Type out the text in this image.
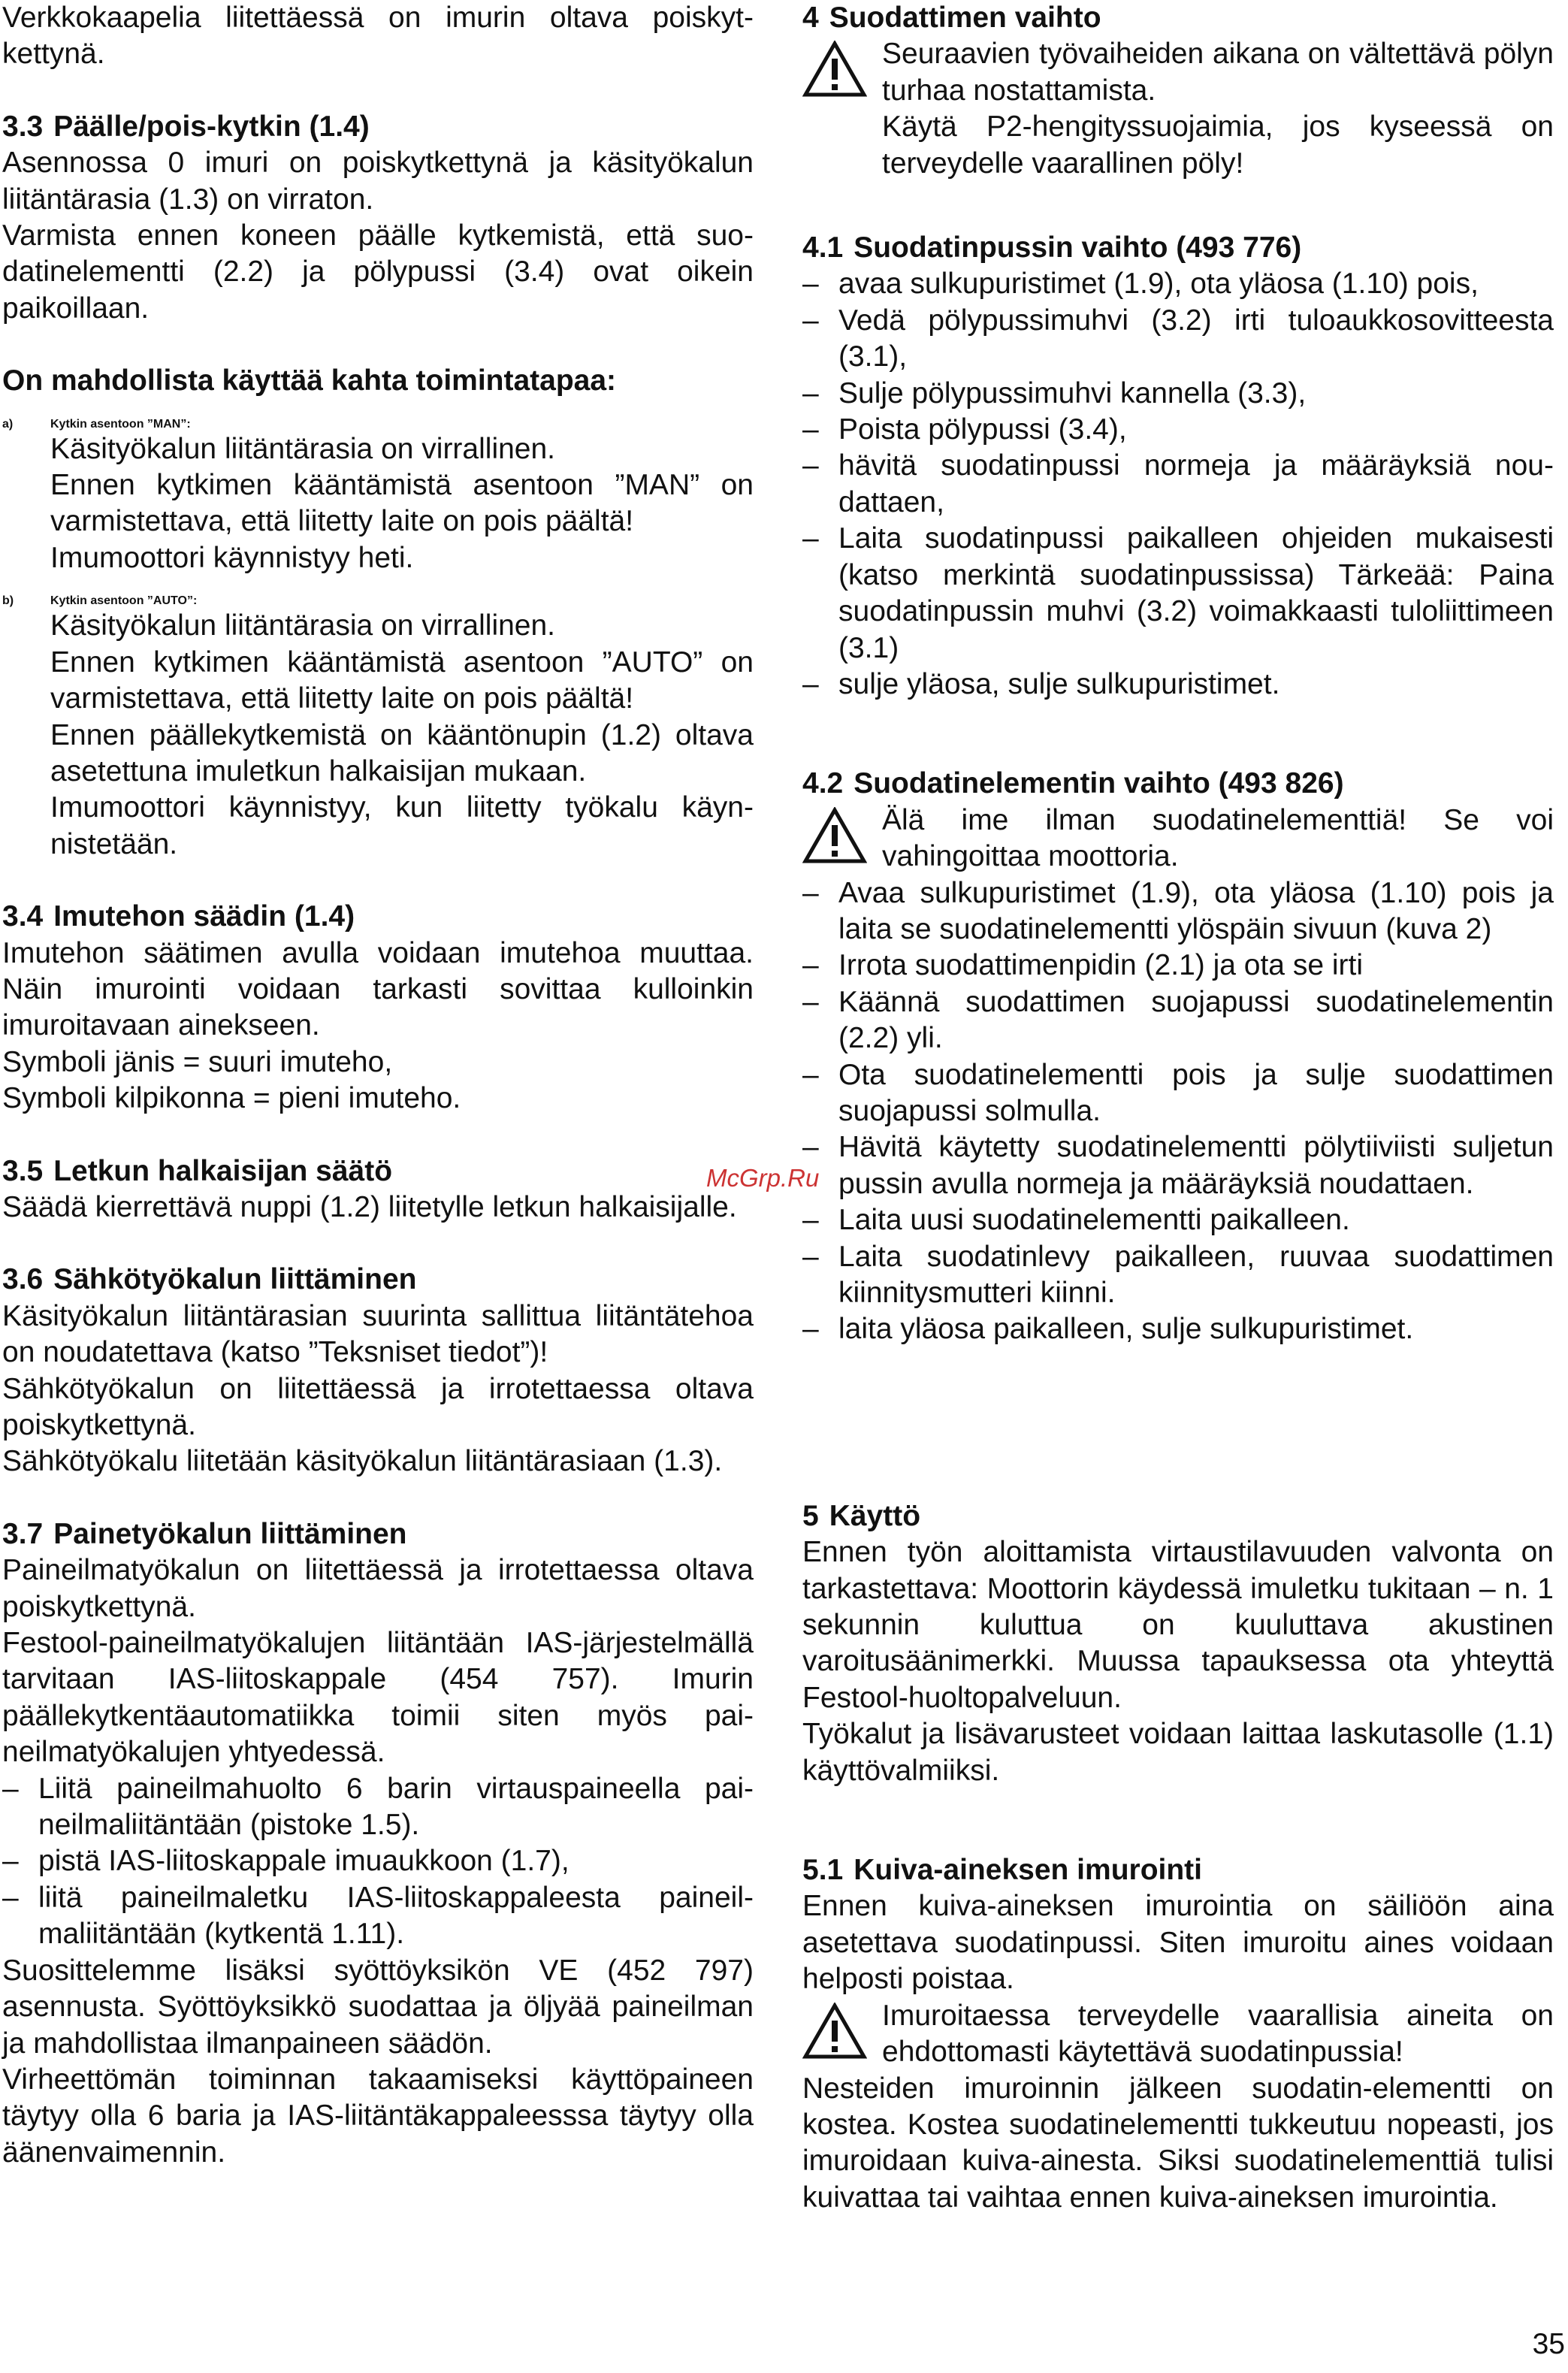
Verkkokaapelia liitettäessä on imurin oltava poiskytkettynä.

3.3 Päälle/pois-kytkin (1.4)

Asennossa 0 imuri on poiskytkettynä ja käsityökalun liitäntärasia (1.3) on virraton.

Varmista ennen koneen päälle kytkemistä, että suodatinelementti (2.2) ja pölypussi (3.4) ovat oikein paikoillaan.

On mahdollista käyttää kahta toimintatapaa:
a)	Kytkin asentoon ”MAN”:

Käsityökalun liitäntärasia on virrallinen.

Ennen kytkimen kääntämistä asentoon ”MAN” on varmistettava, että liitetty laite on pois päältä!

Imumoottori käynnistyy heti.

b)	Kytkin asentoon ”AUTO”:

Käsityökalun liitäntärasia on virrallinen.

Ennen kytkimen kääntämistä asentoon ”AUTO” on varmistettava, että liitetty laite on pois päältä!

Ennen päällekytkemistä on kääntönupin (1.2) oltava asetettuna imuletkun halkaisijan mukaan.

Imumoottori käynnistyy, kun liitetty työkalu käynnistetään.

3.4 Imutehon säädin (1.4)

Imutehon säätimen avulla voidaan imutehoa muuttaa. Näin imurointi voidaan tarkasti sovittaa kulloinkin imuroitavaan ainekseen.

Symboli jänis = suuri imuteho,

Symboli kilpikonna = pieni imuteho.

3.5 Letkun halkaisijan säätö

Säädä kierrettävä nuppi (1.2) liitetylle letkun halkaisijalle.

3.6 Sähkötyökalun liittäminen

Käsityökalun liitäntärasian suurinta sallittua liitäntätehoa on noudatettava (katso ”Teksniset tiedot”)!

Sähkötyökalun on liitettäessä ja irrotettaessa oltava poiskytkettynä.

Sähkötyökalu liitetään käsityökalun liitäntärasiaan (1.3).

3.7 Painetyökalun liittäminen

Paineilmatyökalun on liitettäessä ja irrotettaessa oltava poiskytkettynä.

Festool-paineilmatyökalujen liitäntään IAS-järjestelmällä tarvitaan IAS-liitoskappale (454 757). Imurin päällekytkentäautomatiikka toimii siten myös paineilmatyökalujen yhtyedessä.

– Liitä paineilmahuolto 6 barin virtauspaineella paineilmaliitäntään (pistoke 1.5).
– pistä IAS-liitoskappale imuaukkoon (1.7),
– liitä paineilmaletku IAS-liitoskappaleesta paineilmaliitäntään (kytkentä 1.11).

Suosittelemme lisäksi syöttöyksikön VE (452 797) asennusta. Syöttöyksikkö suodattaa ja öljyää paineilman ja mahdollistaa ilmanpaineen säädön.

Virheettömän toiminnan takaamiseksi käyttöpaineen täytyy olla 6 baria ja IAS-liitäntäkappaleesssa täytyy olla äänenvaimennin.

4 Suodattimen vaihto

Seuraavien työvaiheiden aikana on vältettävä pölyn turhaa nostattamista.

Käytä P2-hengityssuojaimia, jos kyseessä on terveydelle vaarallinen pöly!

4.1 Suodatinpussin vaihto (493 776)
– avaa sulkupuristimet (1.9), ota yläosa (1.10) pois,
– Vedä pölypussimuhvi (3.2) irti tuloaukkosovitteesta (3.1),
– Sulje pölypussimuhvi kannella (3.3),
– Poista pölypussi (3.4),
– hävitä suodatinpussi normeja ja määräyksiä noudattaen,
– Laita suodatinpussi paikalleen ohjeiden mukaisesti (katso merkintä suodatinpussissa) Tärkeää: Paina suodatinpussin muhvi (3.2) voimakkaasti tuloliittimeen (3.1)
– sulje yläosa, sulje sulkupuristimet.
4.2 Suodatinelementin vaihto (493 826)

Älä ime ilman suodatinelementtiä! Se voi vahingoittaa moottoria.

– Avaa sulkupuristimet (1.9), ota yläosa (1.10) pois ja laita se suodatinelementti ylöspäin sivuun (kuva 2)
– Irrota suodattimenpidin (2.1) ja ota se irti
– Käännä suodattimen suojapussi suodatinelementin (2.2) yli.
– Ota suodatinelementti pois ja sulje suodattimen suojapussi solmulla.
– Hävitä käytetty suodatinelementti pölytiiviisti suljetun pussin avulla normeja ja määräyksiä noudattaen.
– Laita uusi suodatinelementti paikalleen.
– Laita suodatinlevy paikalleen, ruuvaa suodattimen kiinnitysmutteri kiinni.
– laita yläosa paikalleen, sulje sulkupuristimet.
5 Käyttö

Ennen työn aloittamista virtaustilavuuden valvonta on tarkastettava: Moottorin käydessä imuletku tukitaan – n. 1 sekunnin kuluttua on kuuluttava akustinen varoitusäänimerkki. Muussa tapauksessa ota yhteyttä Festool-huoltopalveluun.

Työkalut ja lisävarusteet voidaan laittaa laskutasolle (1.1) käyttövalmiiksi.

5.1 Kuiva-aineksen imurointi

Ennen kuiva-aineksen imurointia on säiliöön aina asetettava suodatinpussi. Siten imuroitu aines voidaan helposti poistaa.

Imuroitaessa terveydelle vaarallisia aineita on ehdottomasti käytettävä suodatinpussia!

Nesteiden imuroinnin jälkeen suodatin-elementti on kostea. Kostea suodatinelementti tukkeutuu nopeasti, jos imuroidaan kuiva-ainesta. Siksi suodatinelementtiä tulisi kuivattaa tai vaihtaa ennen kuiva-aineksen imurointia.

McGrp.Ru
35
